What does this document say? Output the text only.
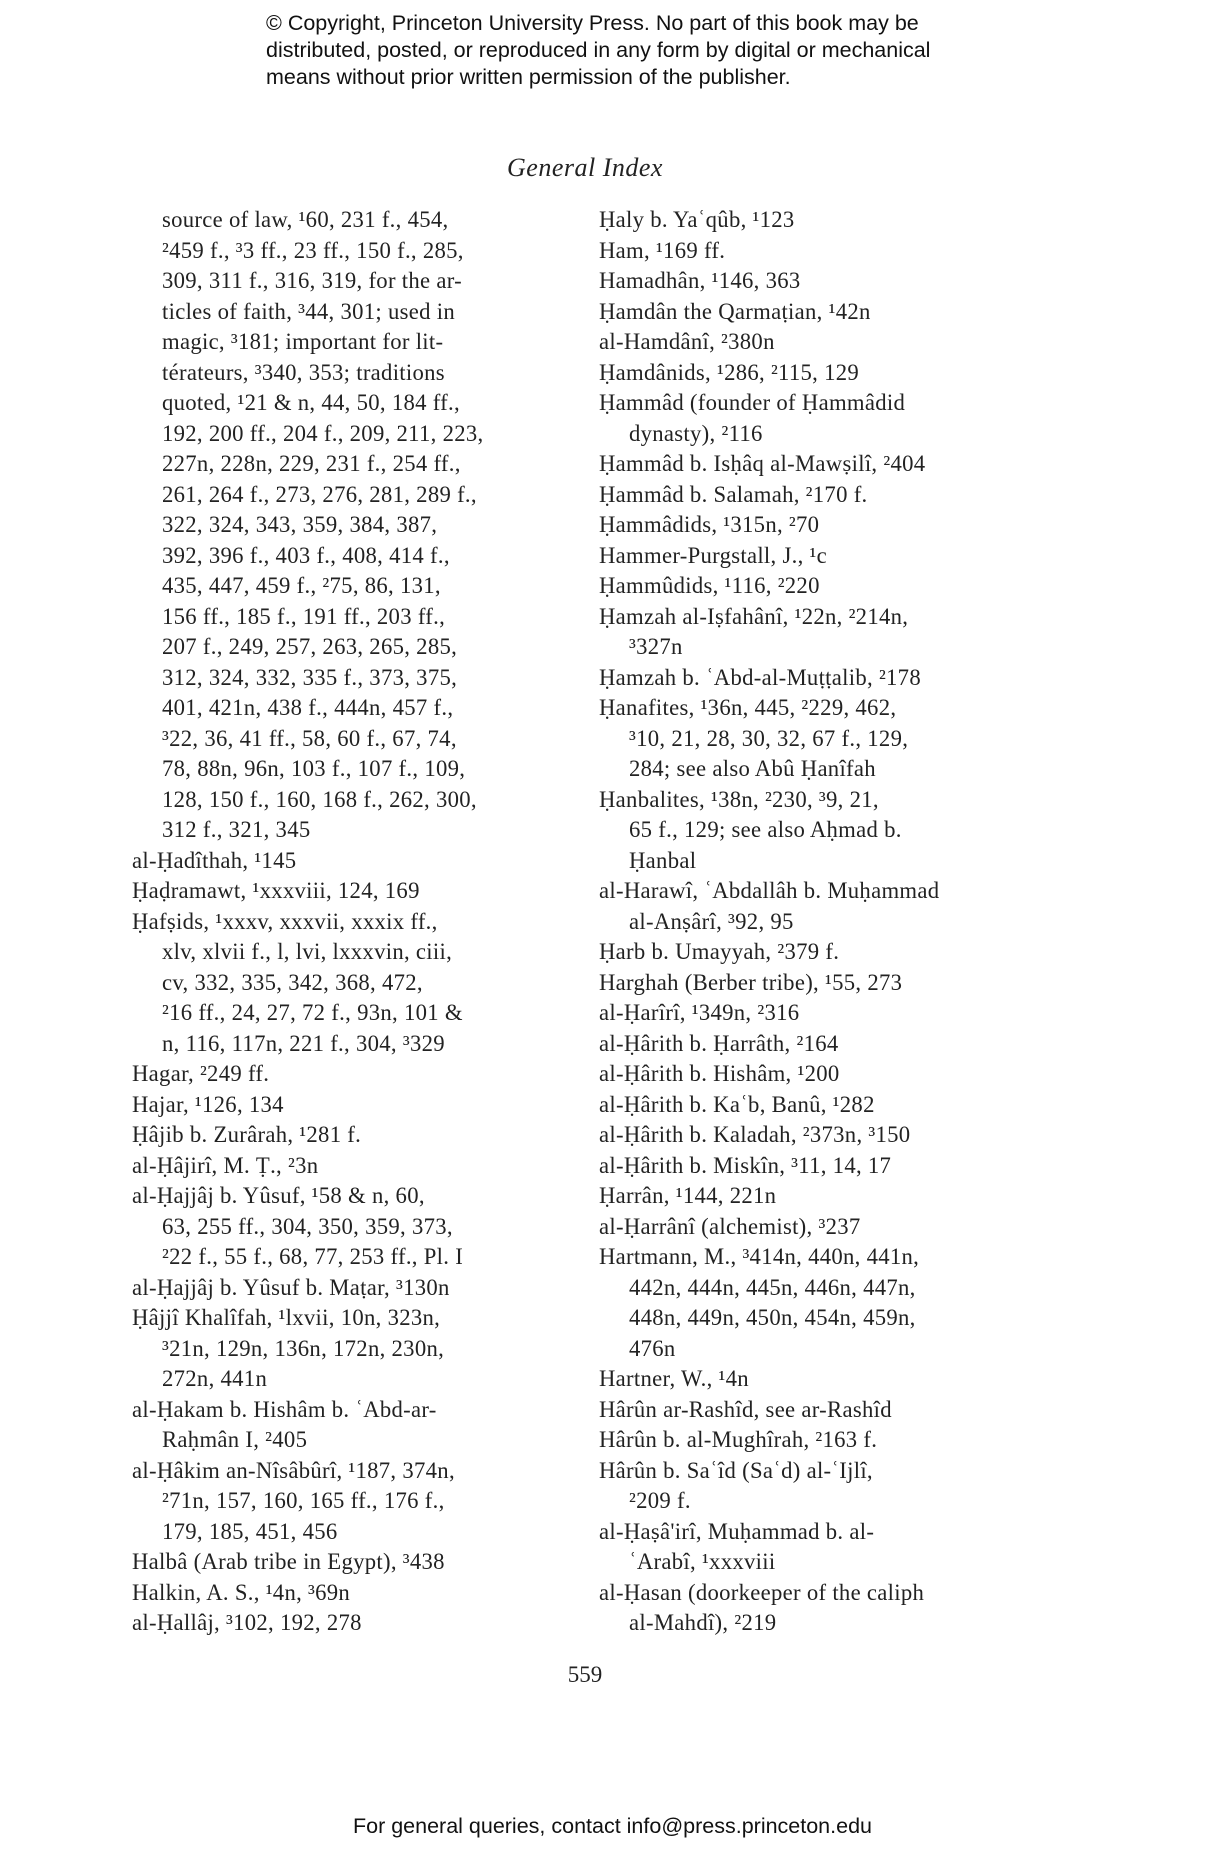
© Copyright, Princeton University Press. No part of this book may be
distributed, posted, or reproduced in any form by digital or mechanical
means without prior written permission of the publisher.
General Index
source of law, ¹60, 231 f., 454,
²459 f., ³3 ff., 23 ff., 150 f., 285,
309, 311 f., 316, 319, for the ar-
ticles of faith, ³44, 301; used in
magic, ³181; important for lit-
térateurs, ³340, 353; traditions
quoted, ¹21 & n, 44, 50, 184 ff.,
192, 200 ff., 204 f., 209, 211, 223,
227n, 228n, 229, 231 f., 254 ff.,
261, 264 f., 273, 276, 281, 289 f.,
322, 324, 343, 359, 384, 387,
392, 396 f., 403 f., 408, 414 f.,
435, 447, 459 f., ²75, 86, 131,
156 ff., 185 f., 191 ff., 203 ff.,
207 f., 249, 257, 263, 265, 285,
312, 324, 332, 335 f., 373, 375,
401, 421n, 438 f., 444n, 457 f.,
³22, 36, 41 ff., 58, 60 f., 67, 74,
78, 88n, 96n, 103 f., 107 f., 109,
128, 150 f., 160, 168 f., 262, 300,
312 f., 321, 345
al-Ḥadîthah, ¹145
Ḥaḍramawt, ¹xxxviii, 124, 169
Ḥafṣids, ¹xxxv, xxxvii, xxxix ff.,
xlv, xlvii f., l, lvi, lxxxvin, ciii,
cv, 332, 335, 342, 368, 472,
²16 ff., 24, 27, 72 f., 93n, 101 &
n, 116, 117n, 221 f., 304, ³329
Hagar, ²249 ff.
Hajar, ¹126, 134
Ḥâjib b. Zurârah, ¹281 f.
al-Ḥâjirî, M. Ṭ., ²3n
al-Ḥajjâj b. Yûsuf, ¹58 & n, 60,
63, 255 ff., 304, 350, 359, 373,
²22 f., 55 f., 68, 77, 253 ff., Pl. I
al-Ḥajjâj b. Yûsuf b. Maṭar, ³130n
Ḥâjjî Khalîfah, ¹lxvii, 10n, 323n,
³21n, 129n, 136n, 172n, 230n,
272n, 441n
al-Ḥakam b. Hishâm b. ʿAbd-ar-
Raḥmân I, ²405
al-Ḥâkim an-Nîsâbûrî, ¹187, 374n,
²71n, 157, 160, 165 ff., 176 f.,
179, 185, 451, 456
Halbâ (Arab tribe in Egypt), ³438
Halkin, A. S., ¹4n, ³69n
al-Ḥallâj, ³102, 192, 278
Ḥaly b. Yaʿqûb, ¹123
Ham, ¹169 ff.
Hamadhân, ¹146, 363
Ḥamdân the Qarmaṭian, ¹42n
al-Hamdânî, ²380n
Ḥamdânids, ¹286, ²115, 129
Ḥammâd (founder of Ḥammâdid
dynasty), ²116
Ḥammâd b. Isḥâq al-Mawṣilî, ²404
Ḥammâd b. Salamah, ²170 f.
Ḥammâdids, ¹315n, ²70
Hammer-Purgstall, J., ¹c
Ḥammûdids, ¹116, ²220
Ḥamzah al-Iṣfahânî, ¹22n, ²214n,
³327n
Ḥamzah b. ʿAbd-al-Muṭṭalib, ²178
Ḥanafites, ¹36n, 445, ²229, 462,
³10, 21, 28, 30, 32, 67 f., 129,
284; see also Abû Ḥanîfah
Ḥanbalites, ¹38n, ²230, ³9, 21,
65 f., 129; see also Aḥmad b.
Ḥanbal
al-Harawî, ʿAbdallâh b. Muḥammad
al-Anṣârî, ³92, 95
Ḥarb b. Umayyah, ²379 f.
Harghah (Berber tribe), ¹55, 273
al-Ḥarîrî, ¹349n, ²316
al-Ḥârith b. Ḥarrâth, ²164
al-Ḥârith b. Hishâm, ¹200
al-Ḥârith b. Kaʿb, Banû, ¹282
al-Ḥârith b. Kaladah, ²373n, ³150
al-Ḥârith b. Miskîn, ³11, 14, 17
Ḥarrân, ¹144, 221n
al-Ḥarrânî (alchemist), ³237
Hartmann, M., ³414n, 440n, 441n,
442n, 444n, 445n, 446n, 447n,
448n, 449n, 450n, 454n, 459n,
476n
Hartner, W., ¹4n
Hârûn ar-Rashîd, see ar-Rashîd
Hârûn b. al-Mughîrah, ²163 f.
Hârûn b. Saʿîd (Saʿd) al-ʿIjlî,
²209 f.
al-Ḥaṣâ'irî, Muḥammad b. al-
ʿArabî, ¹xxxviii
al-Ḥasan (doorkeeper of the caliph
al-Mahdî), ²219
559
For general queries, contact info@press.princeton.edu
